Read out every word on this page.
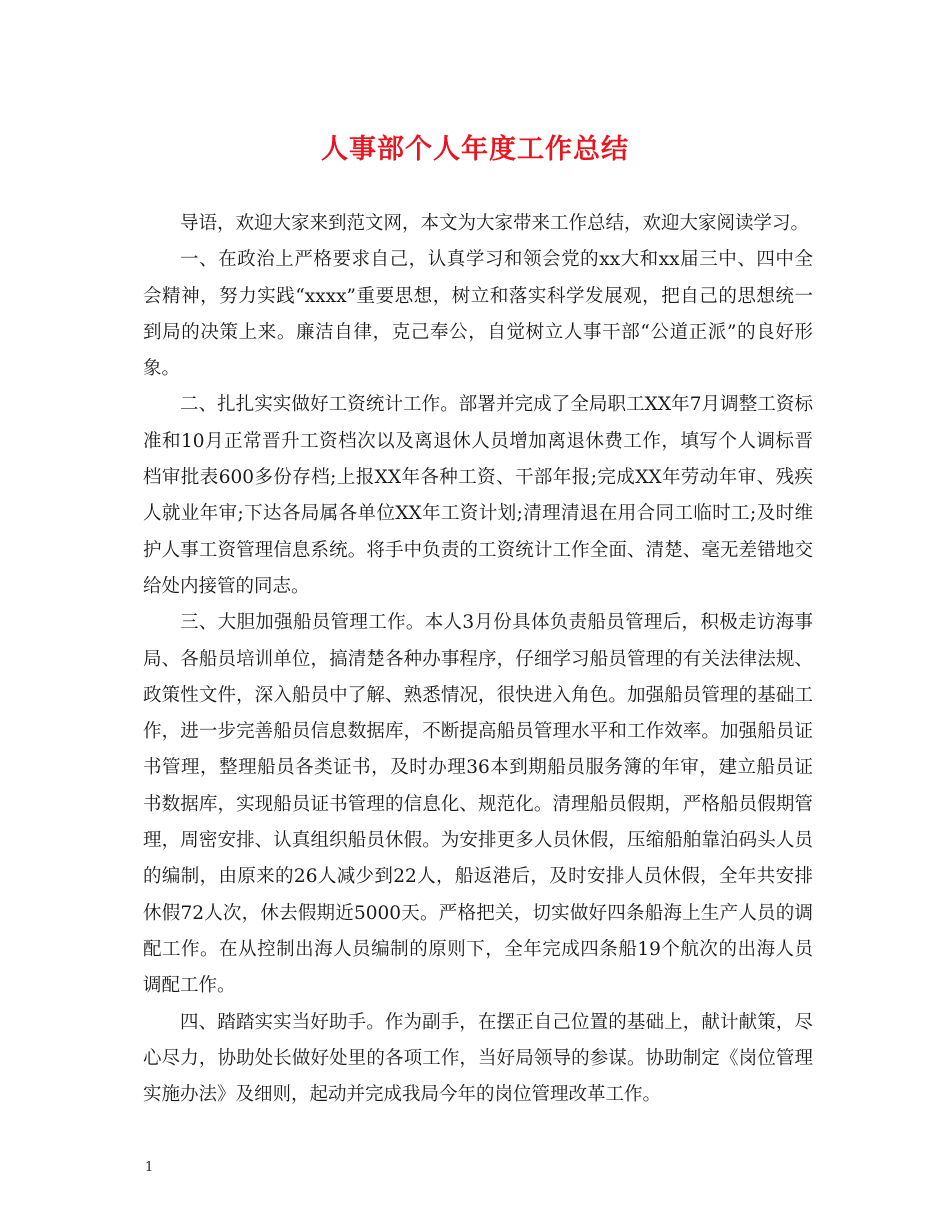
人事部个人年度工作总结

导语，欢迎大家来到范文网，本文为大家带来工作总结，欢迎大家阅读学习。

一、在政治上严格要求自己，认真学习和领会党的xx大和xx届三中、四中全会精神，努力实践“xxxx”重要思想，树立和落实科学发展观，把自己的思想统一到局的决策上来。廉洁自律，克己奉公，自觉树立人事干部“公道正派”的良好形象。

二、扎扎实实做好工资统计工作。部署并完成了全局职工XX年7月调整工资标准和10月正常晋升工资档次以及离退休人员增加离退休费工作，填写个人调标晋档审批表600多份存档;上报XX年各种工资、干部年报;完成XX年劳动年审、残疾人就业年审;下达各局属各单位XX年工资计划;清理清退在用合同工临时工;及时维护人事工资管理信息系统。将手中负责的工资统计工作全面、清楚、毫无差错地交给处内接管的同志。

三、大胆加强船员管理工作。本人3月份具体负责船员管理后，积极走访海事局、各船员培训单位，搞清楚各种办事程序，仔细学习船员管理的有关法律法规、政策性文件，深入船员中了解、熟悉情况，很快进入角色。加强船员管理的基础工作，进一步完善船员信息数据库，不断提高船员管理水平和工作效率。加强船员证书管理，整理船员各类证书，及时办理36本到期船员服务簿的年审，建立船员证书数据库，实现船员证书管理的信息化、规范化。清理船员假期，严格船员假期管理，周密安排、认真组织船员休假。为安排更多人员休假，压缩船舶靠泊码头人员的编制，由原来的26人减少到22人，船返港后，及时安排人员休假，全年共安排休假72人次，休去假期近5000天。严格把关，切实做好四条船海上生产人员的调配工作。在从控制出海人员编制的原则下，全年完成四条船19个航次的出海人员调配工作。

四、踏踏实实当好助手。作为副手，在摆正自己位置的基础上，献计献策，尽心尽力，协助处长做好处里的各项工作，当好局领导的参谋。协助制定《岗位管理实施办法》及细则，起动并完成我局今年的岗位管理改革工作。

1
